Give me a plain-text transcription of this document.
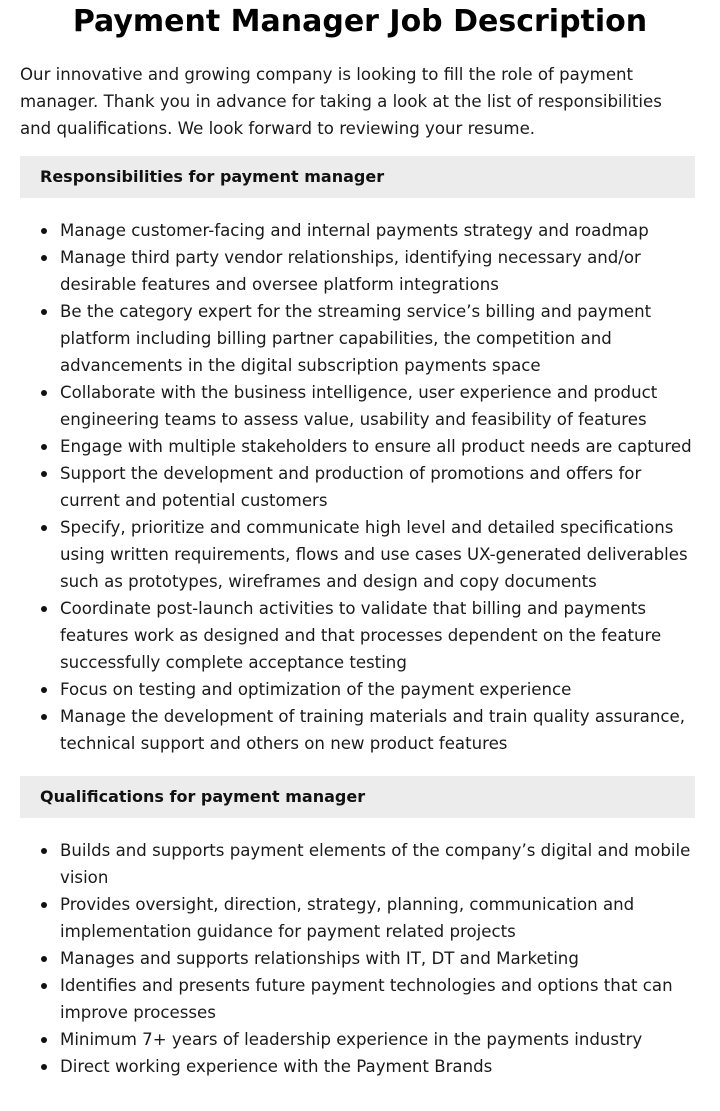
Payment Manager Job Description

Our innovative and growing company is looking to fill the role of payment manager. Thank you in advance for taking a look at the list of responsibilities and qualifications. We look forward to reviewing your resume.

Responsibilities for payment manager
Manage customer-facing and internal payments strategy and roadmap
Manage third party vendor relationships, identifying necessary and/or desirable features and oversee platform integrations
Be the category expert for the streaming service’s billing and payment platform including billing partner capabilities, the competition and advancements in the digital subscription payments space
Collaborate with the business intelligence, user experience and product engineering teams to assess value, usability and feasibility of features
Engage with multiple stakeholders to ensure all product needs are captured
Support the development and production of promotions and offers for current and potential customers
Specify, prioritize and communicate high level and detailed specifications using written requirements, flows and use cases UX-generated deliverables such as prototypes, wireframes and design and copy documents
Coordinate post-launch activities to validate that billing and payments features work as designed and that processes dependent on the feature successfully complete acceptance testing
Focus on testing and optimization of the payment experience
Manage the development of training materials and train quality assurance, technical support and others on new product features
Qualifications for payment manager
Builds and supports payment elements of the company’s digital and mobile vision
Provides oversight, direction, strategy, planning, communication and implementation guidance for payment related projects
Manages and supports relationships with IT, DT and Marketing
Identifies and presents future payment technologies and options that can improve processes
Minimum 7+ years of leadership experience in the payments industry
Direct working experience with the Payment Brands
